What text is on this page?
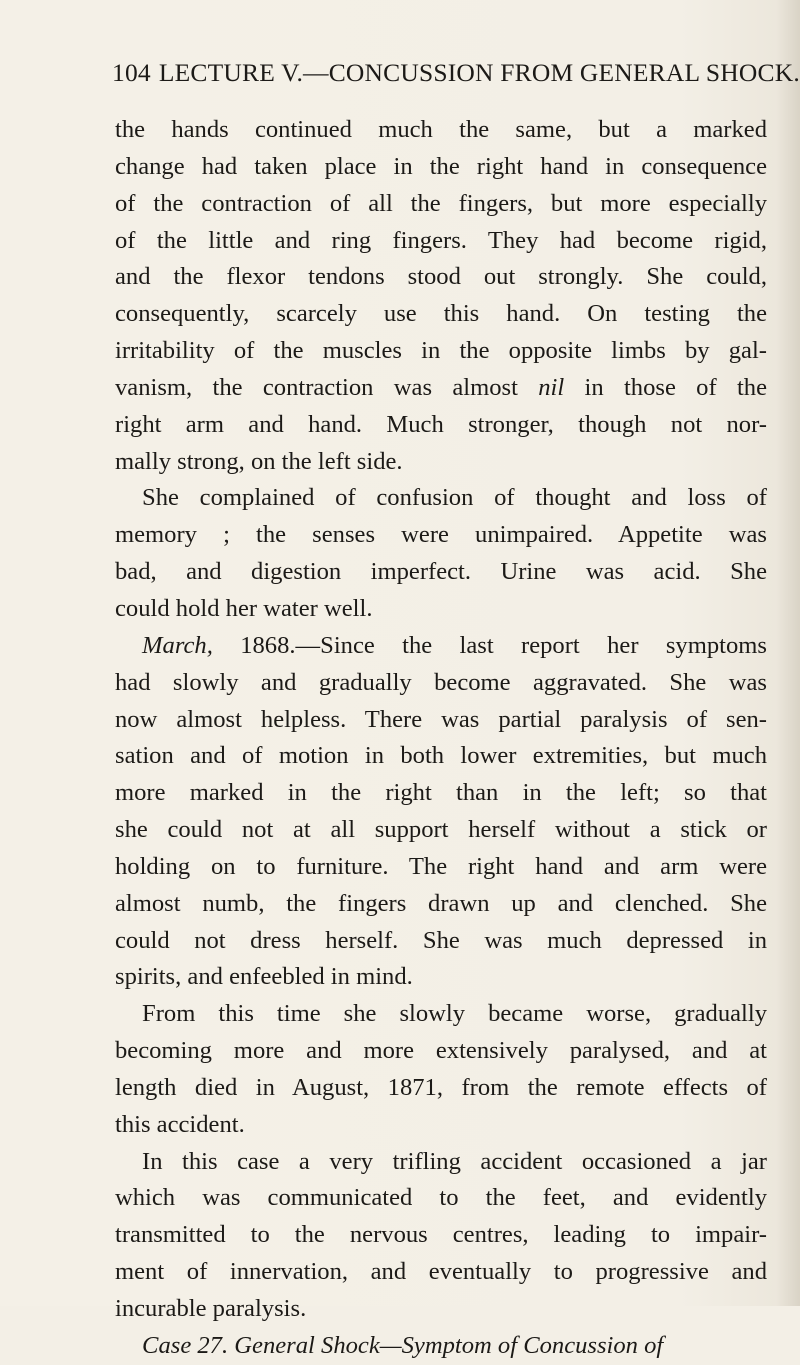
104 LECTURE V.—CONCUSSION FROM GENERAL SHOCK.
the hands continued much the same, but a marked
change had taken place in the right hand in consequence
of the contraction of all the fingers, but more especially
of the little and ring fingers. They had become rigid,
and the flexor tendons stood out strongly. She could,
consequently, scarcely use this hand. On testing the
irritability of the muscles in the opposite limbs by gal-
vanism, the contraction was almost nil in those of the
right arm and hand. Much stronger, though not nor-
mally strong, on the left side.
She complained of confusion of thought and loss of
memory ; the senses were unimpaired. Appetite was
bad, and digestion imperfect. Urine was acid. She
could hold her water well.
March, 1868.—Since the last report her symptoms
had slowly and gradually become aggravated. She was
now almost helpless. There was partial paralysis of sen-
sation and of motion in both lower extremities, but much
more marked in the right than in the left; so that
she could not at all support herself without a stick or
holding on to furniture. The right hand and arm were
almost numb, the fingers drawn up and clenched. She
could not dress herself. She was much depressed in
spirits, and enfeebled in mind.
From this time she slowly became worse, gradually
becoming more and more extensively paralysed, and at
length died in August, 1871, from the remote effects of
this accident.
In this case a very trifling accident occasioned a jar
which was communicated to the feet, and evidently
transmitted to the nervous centres, leading to impair-
ment of innervation, and eventually to progressive and
incurable paralysis.
Case 27. General Shock—Symptom of Concussion of
